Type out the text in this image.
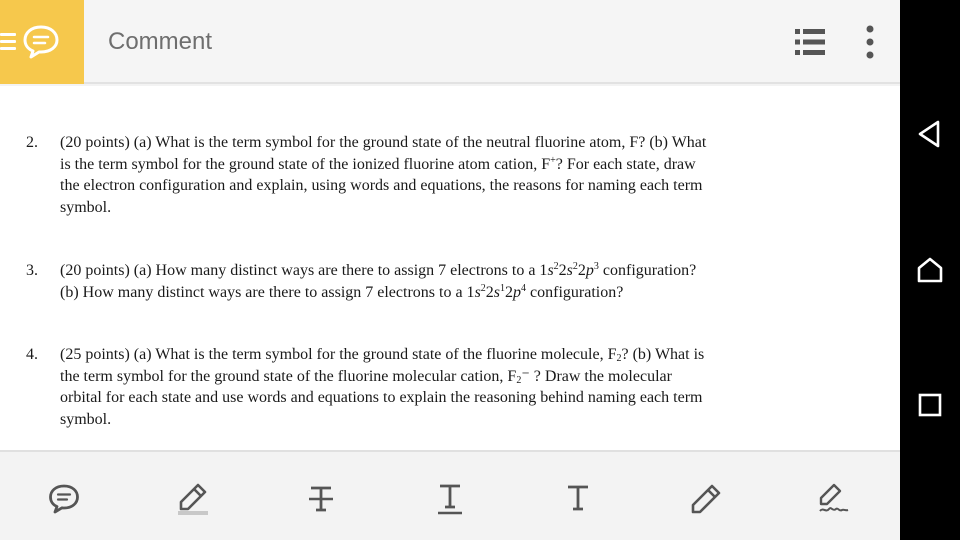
Comment
2. (20 points) (a) What is the term symbol for the ground state of the neutral fluorine atom, F? (b) What
is the term symbol for the ground state of the ionized fluorine atom cation, F+? For each state, draw
the electron configuration and explain, using words and equations, the reasons for naming each term
symbol.
3. (20 points) (a) How many distinct ways are there to assign 7 electrons to a $1s^22s^22p^3$ configuration?
(b) How many distinct ways are there to assign 7 electrons to a $1s^22s^12p^4$ configuration?
4. (25 points) (a) What is the term symbol for the ground state of the fluorine molecule, $F_2$? (b) What is
the term symbol for the ground state of the fluorine molecular cation, $F_2^-$ ? Draw the molecular
orbital for each state and use words and equations to explain the reasoning behind naming each term
symbol.
